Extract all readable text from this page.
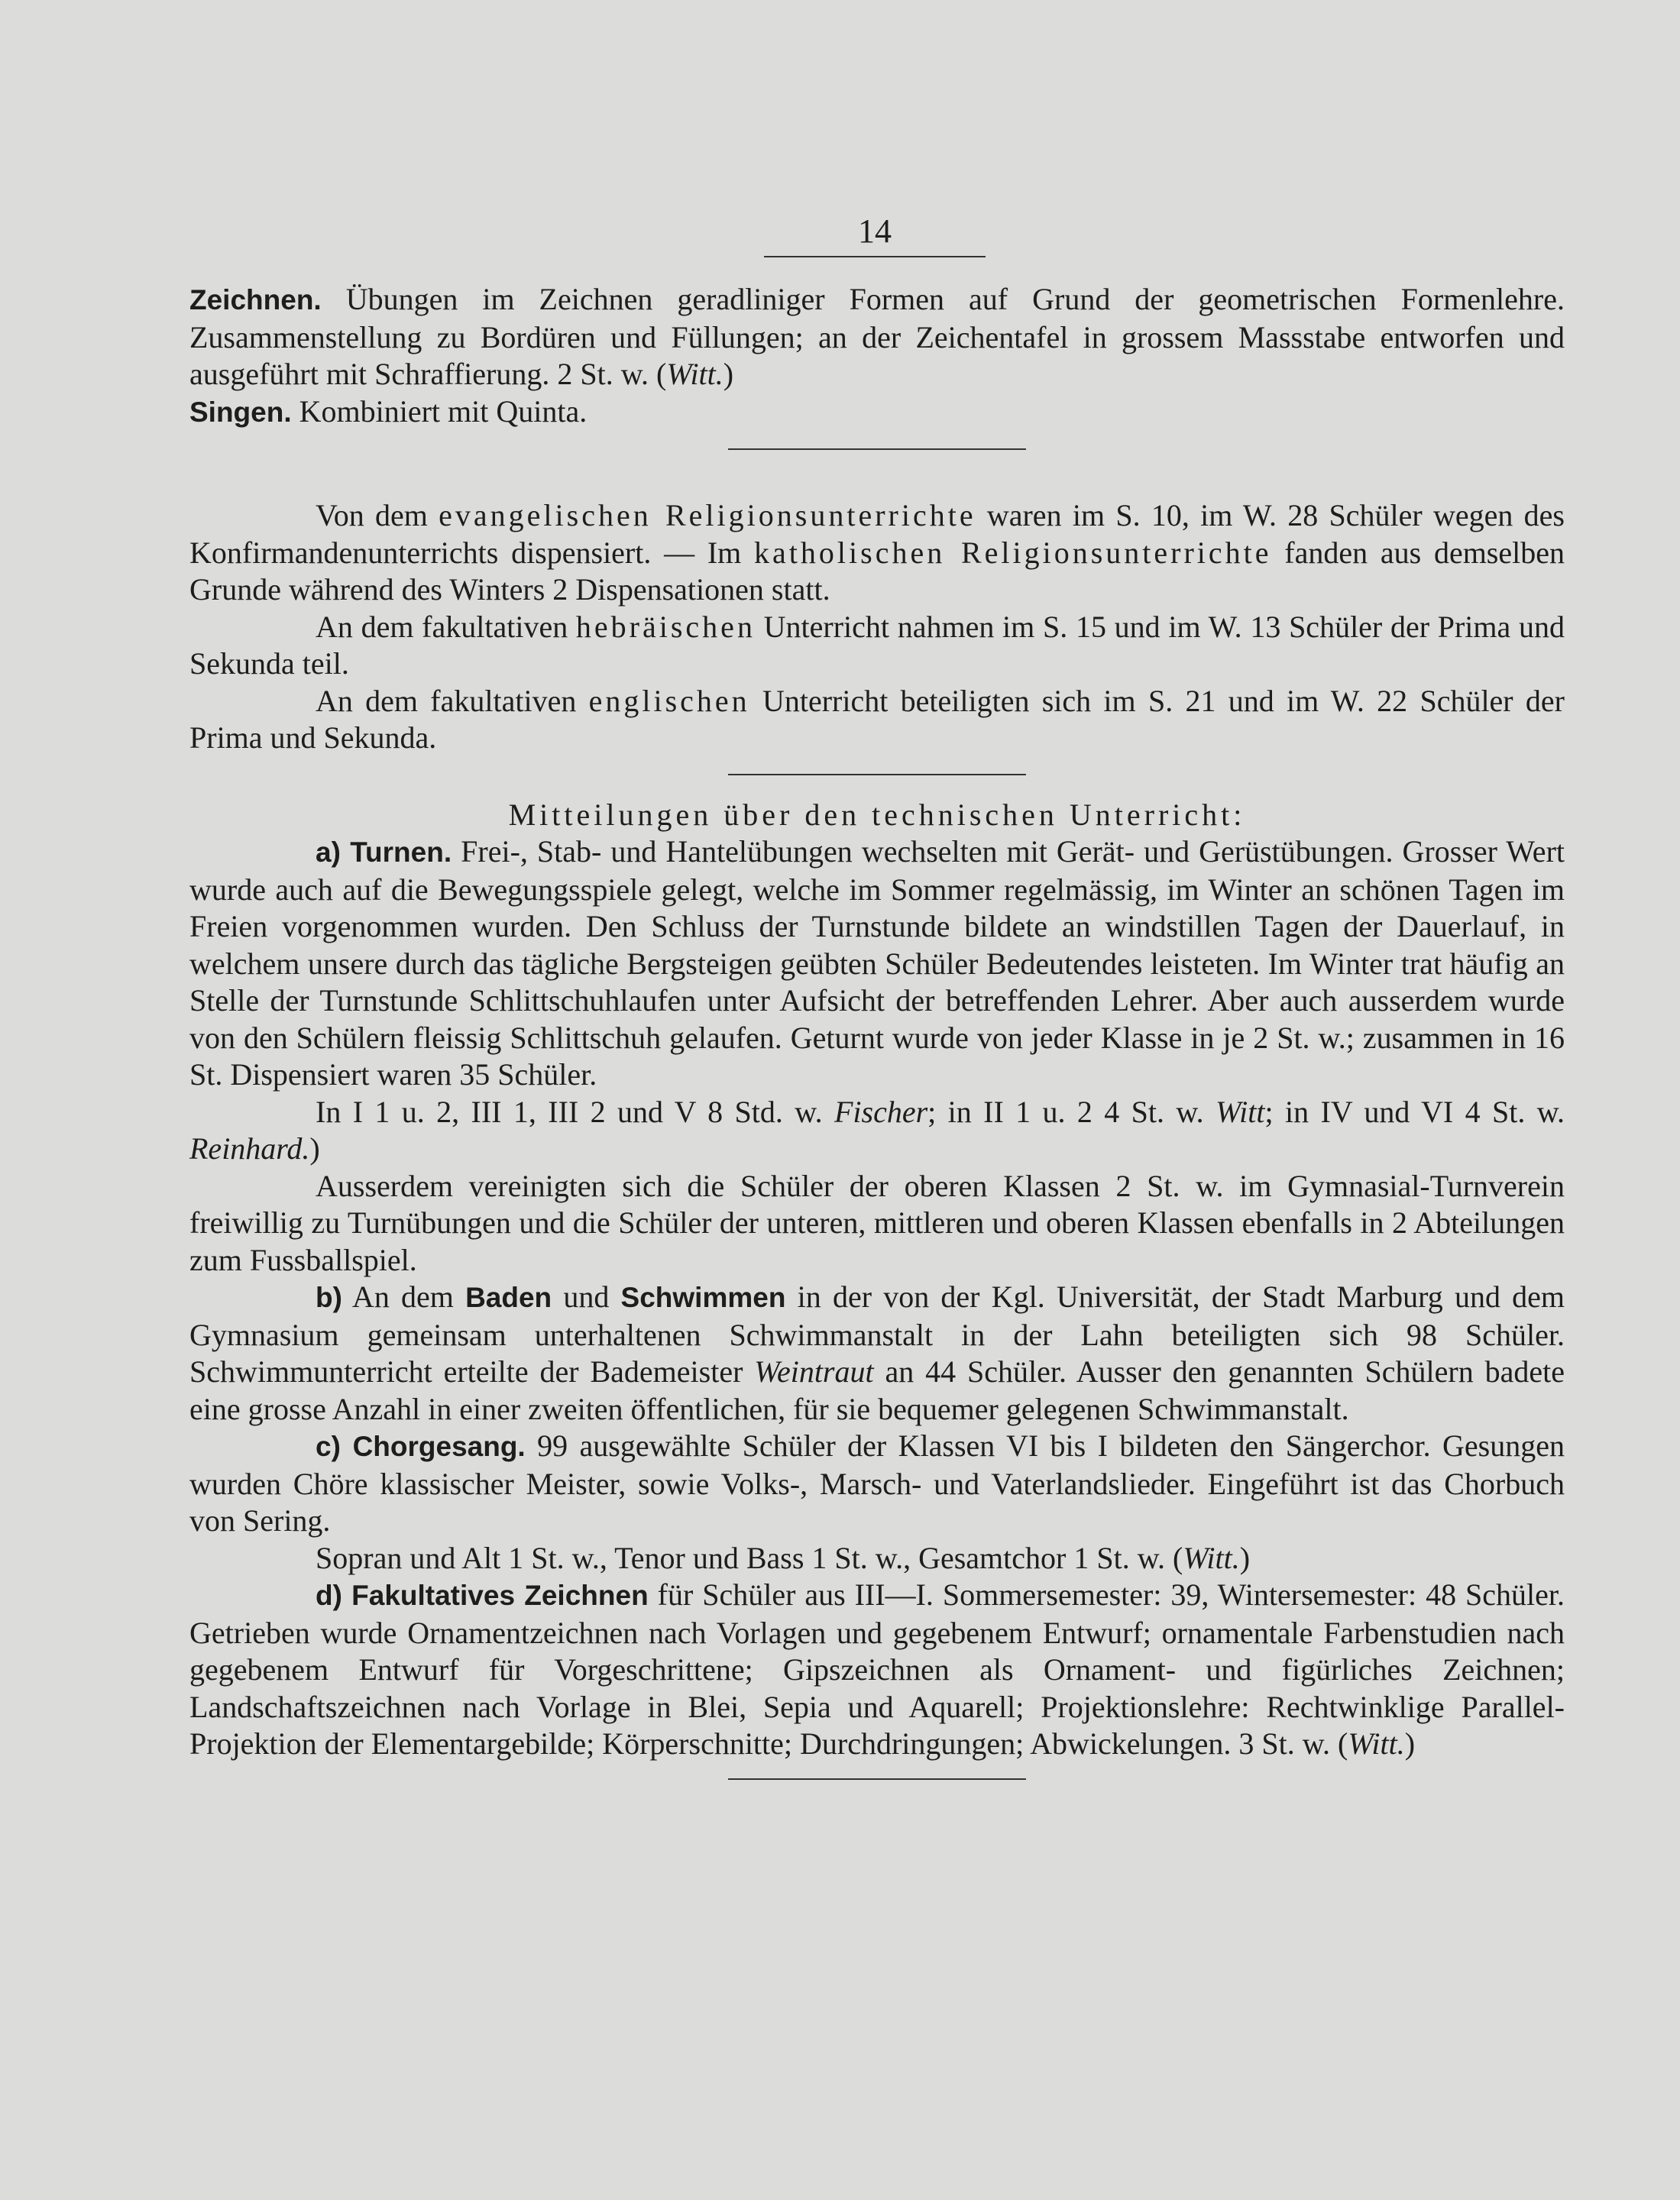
14

Zeichnen. Übungen im Zeichnen geradliniger Formen auf Grund der geometrischen Formenlehre. Zusammenstellung zu Bordüren und Füllungen; an der Zeichentafel in grossem Massstabe entworfen und ausgeführt mit Schraffierung. 2 St. w. (Witt.)

Singen. Kombiniert mit Quinta.

Von dem evangelischen Religionsunterrichte waren im S. 10, im W. 28 Schüler wegen des Konfirmandenunterrichts dispensiert. — Im katholischen Religionsunterrichte fanden aus demselben Grunde während des Winters 2 Dispensationen statt.

An dem fakultativen hebräischen Unterricht nahmen im S. 15 und im W. 13 Schüler der Prima und Sekunda teil.

An dem fakultativen englischen Unterricht beteiligten sich im S. 21 und im W. 22 Schüler der Prima und Sekunda.

Mitteilungen über den technischen Unterricht:

a) Turnen. Frei-, Stab- und Hantelübungen wechselten mit Gerät- und Gerüstübungen. Grosser Wert wurde auch auf die Bewegungsspiele gelegt, welche im Sommer regelmässig, im Winter an schönen Tagen im Freien vorgenommen wurden. Den Schluss der Turnstunde bildete an windstillen Tagen der Dauerlauf, in welchem unsere durch das tägliche Bergsteigen geübten Schüler Bedeutendes leisteten. Im Winter trat häufig an Stelle der Turnstunde Schlittschuhlaufen unter Aufsicht der betreffenden Lehrer. Aber auch ausserdem wurde von den Schülern fleissig Schlittschuh gelaufen. Geturnt wurde von jeder Klasse in je 2 St. w.; zusammen in 16 St. Dispensiert waren 35 Schüler.

In I 1 u. 2, III 1, III 2 und V 8 Std. w. Fischer; in II 1 u. 2 4 St. w. Witt; in IV und VI 4 St. w. Reinhard.)

Ausserdem vereinigten sich die Schüler der oberen Klassen 2 St. w. im Gymnasial-Turnverein freiwillig zu Turnübungen und die Schüler der unteren, mittleren und oberen Klassen ebenfalls in 2 Abteilungen zum Fussballspiel.

b) An dem Baden und Schwimmen in der von der Kgl. Universität, der Stadt Marburg und dem Gymnasium gemeinsam unterhaltenen Schwimmanstalt in der Lahn beteiligten sich 98 Schüler. Schwimmunterricht erteilte der Bademeister Weintraut an 44 Schüler. Ausser den genannten Schülern badete eine grosse Anzahl in einer zweiten öffentlichen, für sie bequemer gelegenen Schwimmanstalt.

c) Chorgesang. 99 ausgewählte Schüler der Klassen VI bis I bildeten den Sängerchor. Gesungen wurden Chöre klassischer Meister, sowie Volks-, Marsch- und Vaterlandslieder. Eingeführt ist das Chorbuch von Sering.

Sopran und Alt 1 St. w., Tenor und Bass 1 St. w., Gesamtchor 1 St. w. (Witt.)

d) Fakultatives Zeichnen für Schüler aus III—I. Sommersemester: 39, Wintersemester: 48 Schüler. Getrieben wurde Ornamentzeichnen nach Vorlagen und gegebenem Entwurf; ornamentale Farbenstudien nach gegebenem Entwurf für Vorgeschrittene; Gipszeichnen als Ornament- und figürliches Zeichnen; Landschaftszeichnen nach Vorlage in Blei, Sepia und Aquarell; Projektionslehre: Rechtwinklige Parallel-Projektion der Elementargebilde; Körperschnitte; Durchdringungen; Abwickelungen. 3 St. w. (Witt.)
